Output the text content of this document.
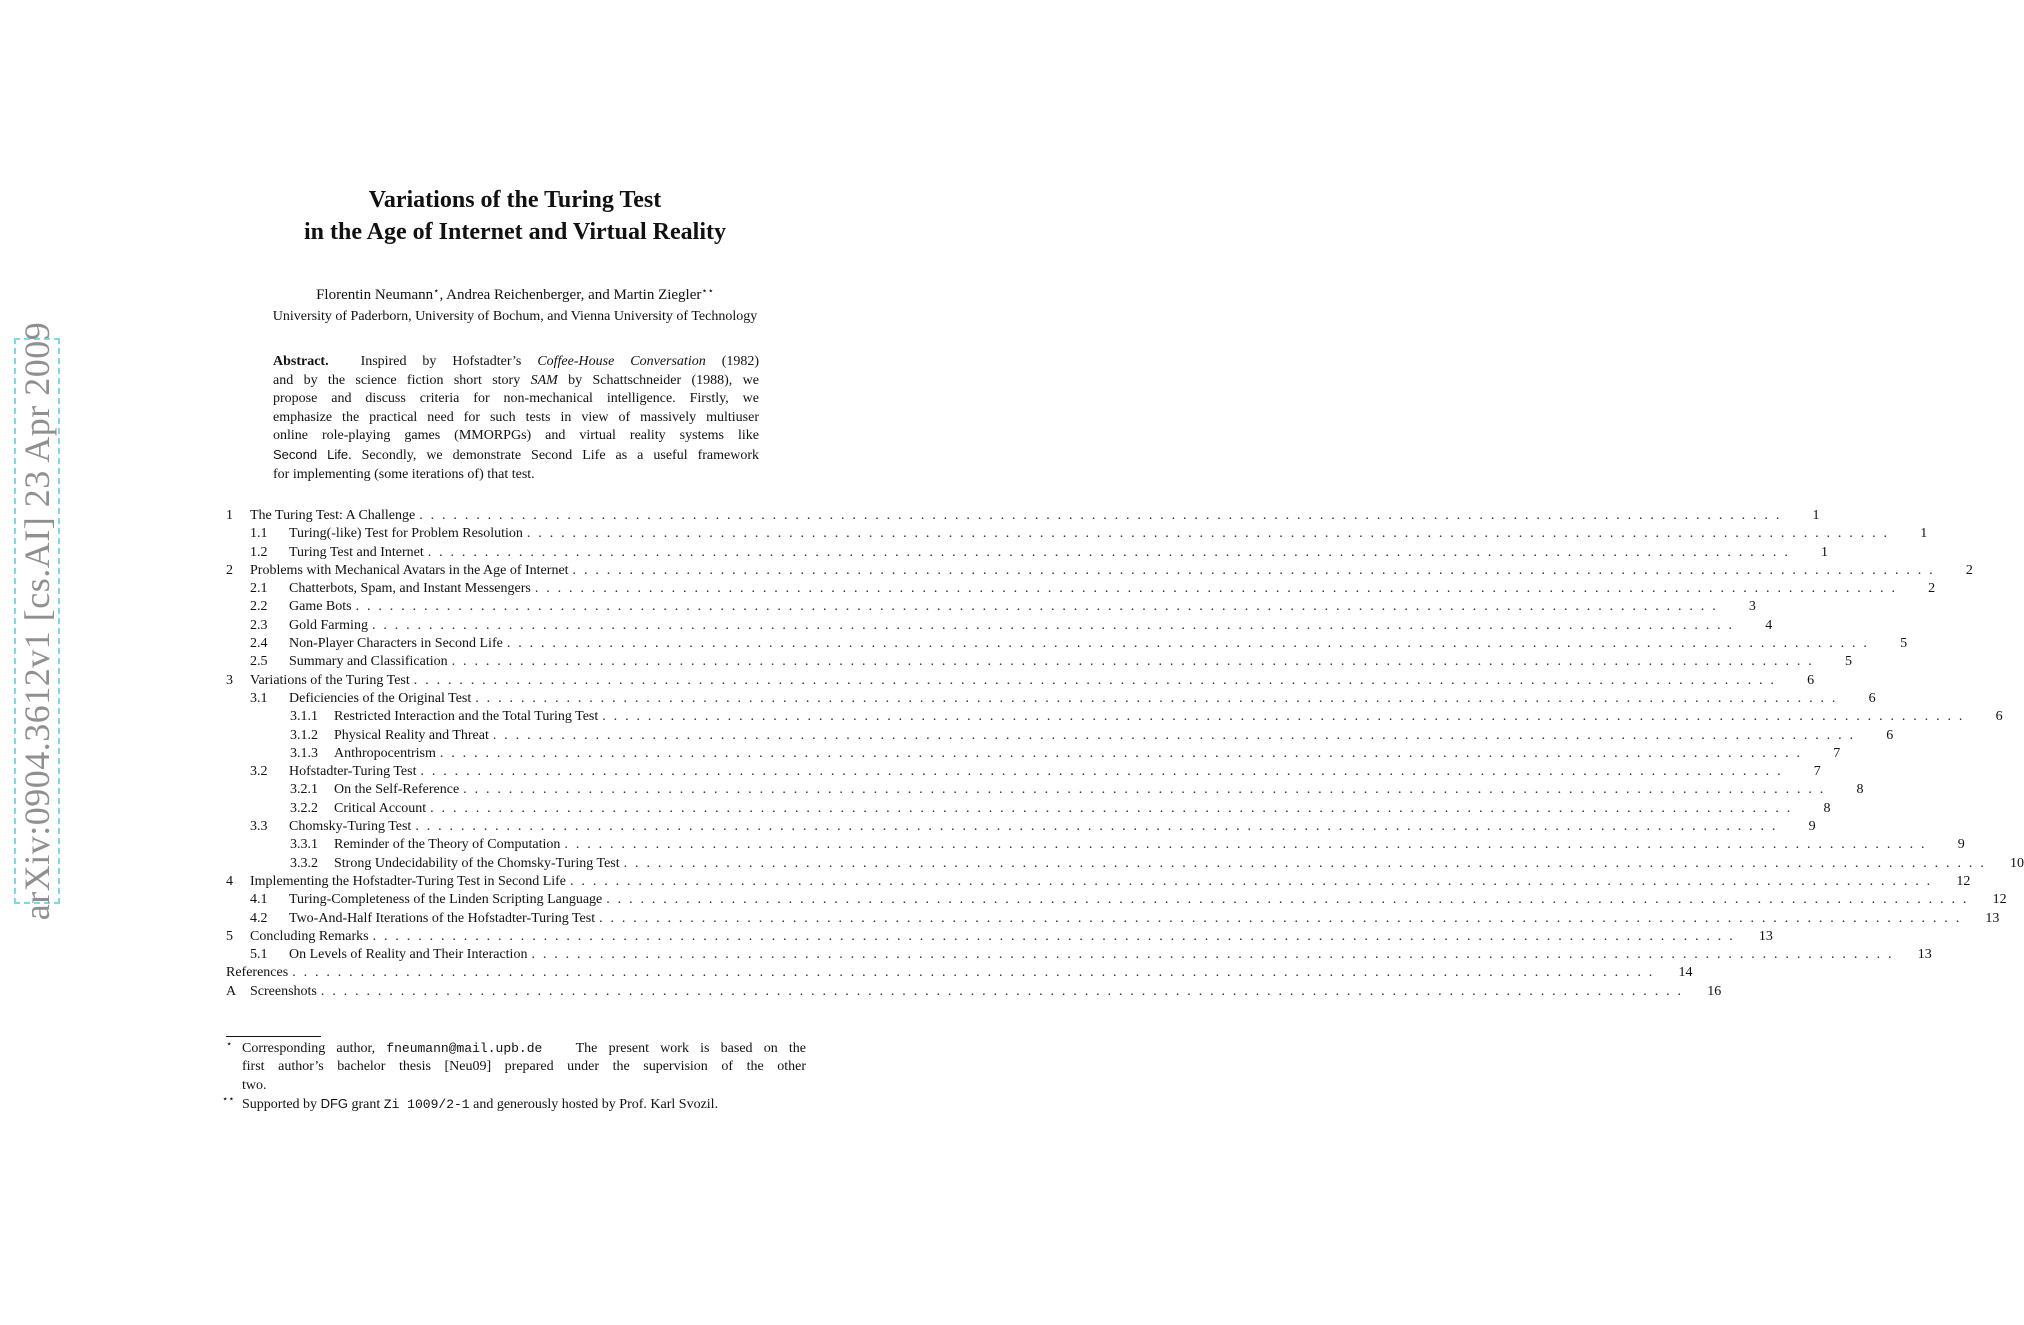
arXiv:0904.3612v1 [cs.AI] 23 Apr 2009
Variations of the Turing Test
in the Age of Internet and Virtual Reality
Florentin Neumann⋆, Andrea Reichenberger, and Martin Ziegler⋆⋆
University of Paderborn, University of Bochum, and Vienna University of Technology
Abstract. Inspired by Hofstadter’s Coffee-House Conversation (1982)
and by the science fiction short story SAM by Schattschneider (1988), we
propose and discuss criteria for non-mechanical intelligence. Firstly, we
emphasize the practical need for such tests in view of massively multiuser
online role-playing games (MMORPGs) and virtual reality systems like
Second Life. Secondly, we demonstrate Second Life as a useful framework
for implementing (some iterations of) that test.
1	The Turing Test: A Challenge . . . . . . . . . . . . . . . . . . . . . . . . . . . . . . . . . . . . . . . . . . . . . . . . . . . . . . . . . . . . . . . . . . . . . . . . . . . . . . . . . . . . . . . . . . . . . . . . . . . . . . . . . . . . . . . . . . . . . . . .	1
1.1	Turing(-like) Test for Problem Resolution . . . . . . . . . . . . . . . . . . . . . . . . . . . . . . . . . . . . . . . . . . . . . . . . . . . . . . . . . . . . . . . . . . . . . . . . . . . . . . . . . . . . . . . . . . . . . . . . . . . . . . . . . . . . . . . . . . . . . . . .	1
1.2	Turing Test and Internet . . . . . . . . . . . . . . . . . . . . . . . . . . . . . . . . . . . . . . . . . . . . . . . . . . . . . . . . . . . . . . . . . . . . . . . . . . . . . . . . . . . . . . . . . . . . . . . . . . . . . . . . . . . . . . . . . . . . . . . .	1
2	Problems with Mechanical Avatars in the Age of Internet . . . . . . . . . . . . . . . . . . . . . . . . . . . . . . . . . . . . . . . . . . . . . . . . . . . . . . . . . . . . . . . . . . . . . . . . . . . . . . . . . . . . . . . . . . . . . . . . . . . . . . . . . . . . . . . . . . . . . . . .	2
2.1	Chatterbots, Spam, and Instant Messengers . . . . . . . . . . . . . . . . . . . . . . . . . . . . . . . . . . . . . . . . . . . . . . . . . . . . . . . . . . . . . . . . . . . . . . . . . . . . . . . . . . . . . . . . . . . . . . . . . . . . . . . . . . . . . . . . . . . . . . . .	2
2.2	Game Bots . . . . . . . . . . . . . . . . . . . . . . . . . . . . . . . . . . . . . . . . . . . . . . . . . . . . . . . . . . . . . . . . . . . . . . . . . . . . . . . . . . . . . . . . . . . . . . . . . . . . . . . . . . . . . . . . . . . . . . . .	3
2.3	Gold Farming . . . . . . . . . . . . . . . . . . . . . . . . . . . . . . . . . . . . . . . . . . . . . . . . . . . . . . . . . . . . . . . . . . . . . . . . . . . . . . . . . . . . . . . . . . . . . . . . . . . . . . . . . . . . . . . . . . . . . . . .	4
2.4	Non-Player Characters in Second Life . . . . . . . . . . . . . . . . . . . . . . . . . . . . . . . . . . . . . . . . . . . . . . . . . . . . . . . . . . . . . . . . . . . . . . . . . . . . . . . . . . . . . . . . . . . . . . . . . . . . . . . . . . . . . . . . . . . . . . . .	5
2.5	Summary and Classification . . . . . . . . . . . . . . . . . . . . . . . . . . . . . . . . . . . . . . . . . . . . . . . . . . . . . . . . . . . . . . . . . . . . . . . . . . . . . . . . . . . . . . . . . . . . . . . . . . . . . . . . . . . . . . . . . . . . . . . .	5
3	Variations of the Turing Test . . . . . . . . . . . . . . . . . . . . . . . . . . . . . . . . . . . . . . . . . . . . . . . . . . . . . . . . . . . . . . . . . . . . . . . . . . . . . . . . . . . . . . . . . . . . . . . . . . . . . . . . . . . . . . . . . . . . . . . .	6
3.1	Deficiencies of the Original Test . . . . . . . . . . . . . . . . . . . . . . . . . . . . . . . . . . . . . . . . . . . . . . . . . . . . . . . . . . . . . . . . . . . . . . . . . . . . . . . . . . . . . . . . . . . . . . . . . . . . . . . . . . . . . . . . . . . . . . . .	6
3.1.1	Restricted Interaction and the Total Turing Test . . . . . . . . . . . . . . . . . . . . . . . . . . . . . . . . . . . . . . . . . . . . . . . . . . . . . . . . . . . . . . . . . . . . . . . . . . . . . . . . . . . . . . . . . . . . . . . . . . . . . . . . . . . . . . . . . . . . . . . .	6
3.1.2	Physical Reality and Threat . . . . . . . . . . . . . . . . . . . . . . . . . . . . . . . . . . . . . . . . . . . . . . . . . . . . . . . . . . . . . . . . . . . . . . . . . . . . . . . . . . . . . . . . . . . . . . . . . . . . . . . . . . . . . . . . . . . . . . . .	6
3.1.3	Anthropocentrism . . . . . . . . . . . . . . . . . . . . . . . . . . . . . . . . . . . . . . . . . . . . . . . . . . . . . . . . . . . . . . . . . . . . . . . . . . . . . . . . . . . . . . . . . . . . . . . . . . . . . . . . . . . . . . . . . . . . . . . .	7
3.2	Hofstadter-Turing Test . . . . . . . . . . . . . . . . . . . . . . . . . . . . . . . . . . . . . . . . . . . . . . . . . . . . . . . . . . . . . . . . . . . . . . . . . . . . . . . . . . . . . . . . . . . . . . . . . . . . . . . . . . . . . . . . . . . . . . . .	7
3.2.1	On the Self-Reference . . . . . . . . . . . . . . . . . . . . . . . . . . . . . . . . . . . . . . . . . . . . . . . . . . . . . . . . . . . . . . . . . . . . . . . . . . . . . . . . . . . . . . . . . . . . . . . . . . . . . . . . . . . . . . . . . . . . . . . .	8
3.2.2	Critical Account . . . . . . . . . . . . . . . . . . . . . . . . . . . . . . . . . . . . . . . . . . . . . . . . . . . . . . . . . . . . . . . . . . . . . . . . . . . . . . . . . . . . . . . . . . . . . . . . . . . . . . . . . . . . . . . . . . . . . . . .	8
3.3	Chomsky-Turing Test . . . . . . . . . . . . . . . . . . . . . . . . . . . . . . . . . . . . . . . . . . . . . . . . . . . . . . . . . . . . . . . . . . . . . . . . . . . . . . . . . . . . . . . . . . . . . . . . . . . . . . . . . . . . . . . . . . . . . . . .	9
3.3.1	Reminder of the Theory of Computation . . . . . . . . . . . . . . . . . . . . . . . . . . . . . . . . . . . . . . . . . . . . . . . . . . . . . . . . . . . . . . . . . . . . . . . . . . . . . . . . . . . . . . . . . . . . . . . . . . . . . . . . . . . . . . . . . . . . . . . .	9
3.3.2	Strong Undecidability of the Chomsky-Turing Test . . . . . . . . . . . . . . . . . . . . . . . . . . . . . . . . . . . . . . . . . . . . . . . . . . . . . . . . . . . . . . . . . . . . . . . . . . . . . . . . . . . . . . . . . . . . . . . . . . . . . . . . . . . . . . . . . . . . . . . .	10
4	Implementing the Hofstadter-Turing Test in Second Life . . . . . . . . . . . . . . . . . . . . . . . . . . . . . . . . . . . . . . . . . . . . . . . . . . . . . . . . . . . . . . . . . . . . . . . . . . . . . . . . . . . . . . . . . . . . . . . . . . . . . . . . . . . . . . . . . . . . . . . .	12
4.1	Turing-Completeness of the Linden Scripting Language . . . . . . . . . . . . . . . . . . . . . . . . . . . . . . . . . . . . . . . . . . . . . . . . . . . . . . . . . . . . . . . . . . . . . . . . . . . . . . . . . . . . . . . . . . . . . . . . . . . . . . . . . . . . . . . . . . . . . . . .	12
4.2	Two-And-Half Iterations of the Hofstadter-Turing Test . . . . . . . . . . . . . . . . . . . . . . . . . . . . . . . . . . . . . . . . . . . . . . . . . . . . . . . . . . . . . . . . . . . . . . . . . . . . . . . . . . . . . . . . . . . . . . . . . . . . . . . . . . . . . . . . . . . . . . . .	13
5	Concluding Remarks . . . . . . . . . . . . . . . . . . . . . . . . . . . . . . . . . . . . . . . . . . . . . . . . . . . . . . . . . . . . . . . . . . . . . . . . . . . . . . . . . . . . . . . . . . . . . . . . . . . . . . . . . . . . . . . . . . . . . . . .	13
5.1	On Levels of Reality and Their Interaction . . . . . . . . . . . . . . . . . . . . . . . . . . . . . . . . . . . . . . . . . . . . . . . . . . . . . . . . . . . . . . . . . . . . . . . . . . . . . . . . . . . . . . . . . . . . . . . . . . . . . . . . . . . . . . . . . . . . . . . .	13
References . . . . . . . . . . . . . . . . . . . . . . . . . . . . . . . . . . . . . . . . . . . . . . . . . . . . . . . . . . . . . . . . . . . . . . . . . . . . . . . . . . . . . . . . . . . . . . . . . . . . . . . . . . . . . . . . . . . . . . . .	14
A Screenshots . . . . . . . . . . . . . . . . . . . . . . . . . . . . . . . . . . . . . . . . . . . . . . . . . . . . . . . . . . . . . . . . . . . . . . . . . . . . . . . . . . . . . . . . . . . . . . . . . . . . . . . . . . . . . . . . . . . . . . . .	16
⋆ Corresponding author, fneumann@mail.upb.de The present work is based on the
first author’s bachelor thesis [Neu09] prepared under the supervision of the other
two.
⋆⋆ Supported by DFG grant Zi 1009/2-1 and generously hosted by Prof. Karl Svozil.
